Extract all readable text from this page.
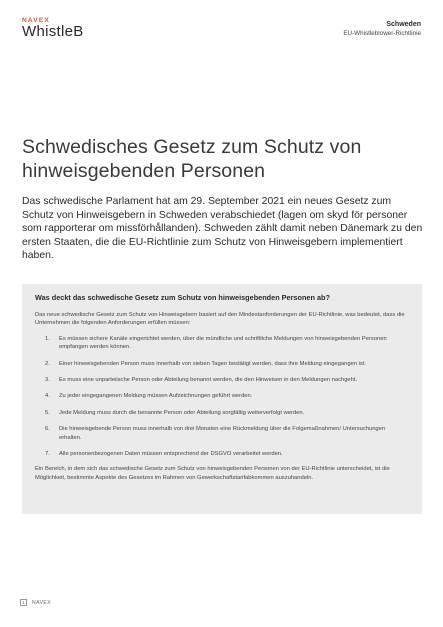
NAVEX
WhistleB	Schweden
EU-Whistleblower-Richtlinie
Schwedisches Gesetz zum Schutz von hinweisgebenden Personen

Das schwedische Parlament hat am 29. September 2021 ein neues Gesetz zum Schutz von Hinweisgebern in Schweden verabschiedet (lagen om skyd för personer som rapporterar om missförhållanden). Schweden zählt damit neben Dänemark zu den ersten Staaten, die die EU-Richtlinie zum Schutz von Hinweisgebern implementiert haben.

Was deckt das schwedische Gesetz zum Schutz von hinweisgebenden Personen ab?

Das neue schwedische Gesetz zum Schutz von Hinweisgebern basiert auf den Mindestanforderungen der EU-Richtlinie, was bedeutet, dass die Unternehmen die folgenden Anforderungen erfüllen müssen:

1.	Es müssen sichere Kanäle eingerichtet werden, über die mündliche und schriftliche Meldungen von hinweisgebenden Personen empfangen werden können.
2.	Einer hinweisgebenden Person muss innerhalb von sieben Tagen bestätigt werden, dass ihre Meldung eingegangen ist.
3.	Es muss eine unparteiische Person oder Abteilung benannt werden, die den Hinweisen in den Meldungen nachgeht.
4.	Zu jeder eingegangenen Meldung müssen Aufzeichnungen geführt werden.
5.	Jede Meldung muss durch die benannte Person oder Abteilung sorgfältig weiterverfolgt werden.
6.	Die hinweisgebende Person muss innerhalb von drei Monaten eine Rückmeldung über die Folgemaßnahmen/ Untersuchungen erhalten.
7.	Alle personenbezogenen Daten müssen entsprechend der DSGVO verarbeitet werden.

Ein Bereich, in dem sich das schwedische Gesetz zum Schutz von hinweisgebenden Personen von der EU-Richtlinie unterscheidet, ist die Möglichkeit, bestimmte Aspekte des Gesetzes im Rahmen von Gewerkschaftstarifabkommen auszuhandeln.

1	NAVEX
